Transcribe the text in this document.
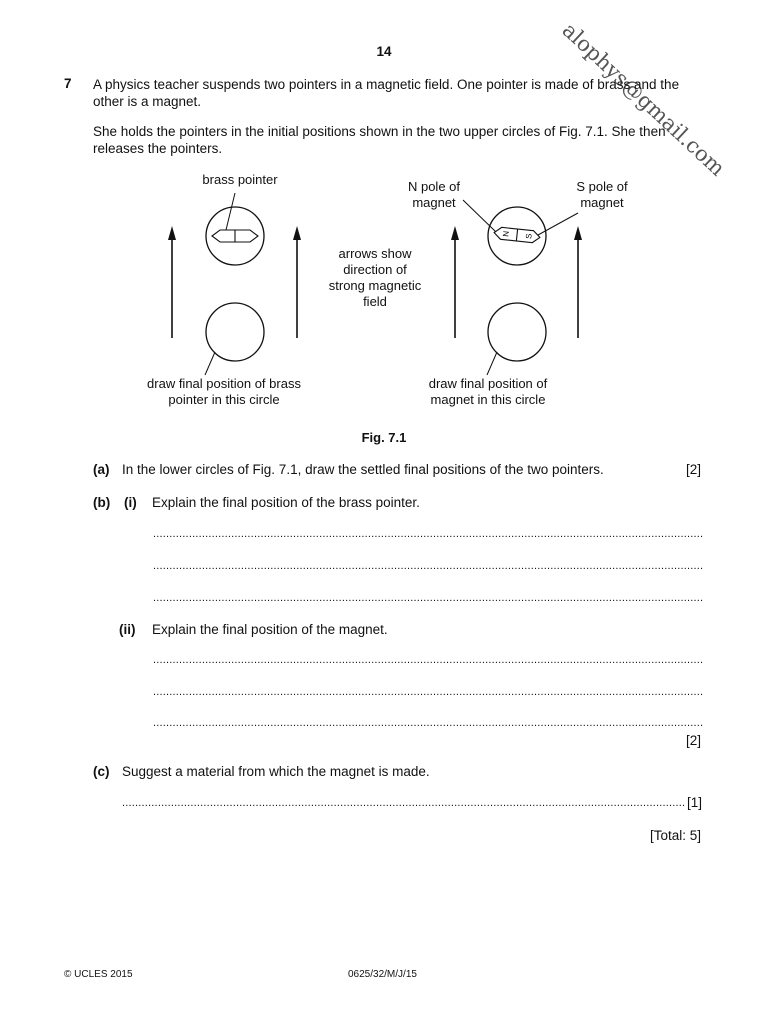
14	alophys@gmail.com
7 A physics teacher suspends two pointers in a magnetic field. One pointer is made of brass and the other is a magnet.
She holds the pointers in the initial positions shown in the two upper circles of Fig. 7.1. She then releases the pointers.
N S
brass pointer	N pole of magnet
S pole of magnet
arrows show direction of strong magnetic field
draw final position of brass pointer in this circle
draw final position of magnet in this circle
Fig. 7.1
(a) In the lower circles of Fig. 7.1, draw the settled final positions of the two pointers.	[2]
(b) (i) Explain the final position of the brass pointer.
.....
.....
.....
(ii) Explain the final position of the magnet.
.....
.....
.....
[2]
(c) Suggest a material from which the magnet is made.
.....
[1]
[Total: 5]
© UCLES 2015	0625/32/M/J/15
